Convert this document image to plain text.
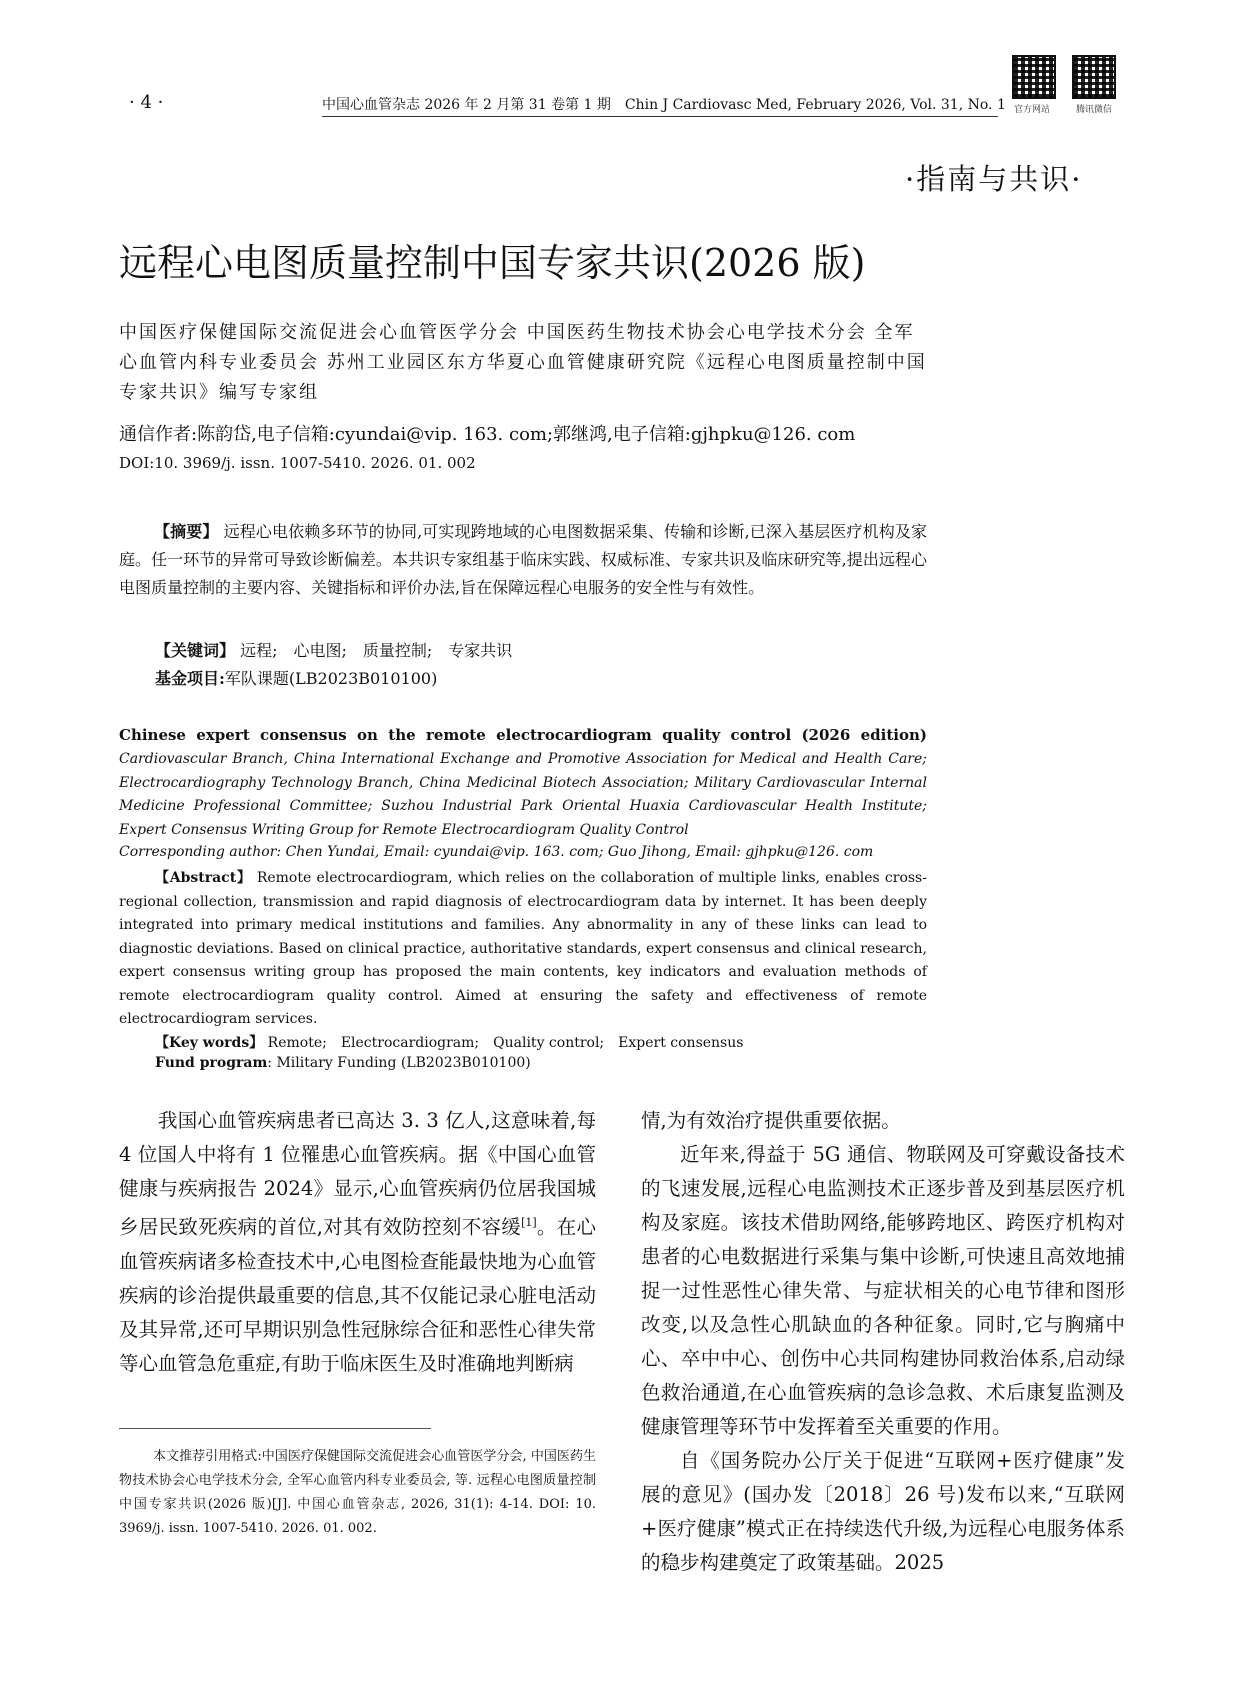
· 4 ·	中国心血管杂志 2026 年 2 月第 31 卷第 1 期　Chin J Cardiovasc Med, February 2026, Vol. 31, No. 1 官方网站	腾讯微信
·指南与共识·
远程心电图质量控制中国专家共识(2026 版)
中国医疗保健国际交流促进会心血管医学分会 中国医药生物技术协会心电学技术分会 全军心血管内科专业委员会 苏州工业园区东方华夏心血管健康研究院《远程心电图质量控制中国专家共识》编写专家组
通信作者:陈韵岱,电子信箱:cyundai@vip. 163. com;郭继鸿,电子信箱:gjhpku@126. com
DOI:10. 3969/j. issn. 1007-5410. 2026. 01. 002
【摘要】 远程心电依赖多环节的协同,可实现跨地域的心电图数据采集、传输和诊断,已深入基层医疗机构及家庭。任一环节的异常可导致诊断偏差。本共识专家组基于临床实践、权威标准、专家共识及临床研究等,提出远程心电图质量控制的主要内容、关键指标和评价办法,旨在保障远程心电服务的安全性与有效性。
【关键词】 远程;　心电图;　质量控制;　专家共识
基金项目:军队课题(LB2023B010100)
Chinese expert consensus on the remote electrocardiogram quality control (2026 edition)
Cardiovascular Branch, China International Exchange and Promotive Association for Medical and Health Care; Electrocardiography Technology Branch, China Medicinal Biotech Association; Military Cardiovascular Internal Medicine Professional Committee; Suzhou Industrial Park Oriental Huaxia Cardiovascular Health Institute; Expert Consensus Writing Group for Remote Electrocardiogram Quality Control
Corresponding author: Chen Yundai, Email: cyundai@vip. 163. com; Guo Jihong, Email: gjhpku@126. com
【Abstract】 Remote electrocardiogram, which relies on the collaboration of multiple links, enables cross-regional collection, transmission and rapid diagnosis of electrocardiogram data by internet. It has been deeply integrated into primary medical institutions and families. Any abnormality in any of these links can lead to diagnostic deviations. Based on clinical practice, authoritative standards, expert consensus and clinical research, expert consensus writing group has proposed the main contents, key indicators and evaluation methods of remote electrocardiogram quality control. Aimed at ensuring the safety and effectiveness of remote electrocardiogram services.
【Key words】 Remote;　Electrocardiogram;　Quality control;　Expert consensus
Fund program: Military Funding (LB2023B010100)

我国心血管疾病患者已高达 3. 3 亿人,这意味着,每 4 位国人中将有 1 位罹患心血管疾病。据《中国心血管健康与疾病报告 2024》显示,心血管疾病仍位居我国城乡居民致死疾病的首位,对其有效防控刻不容缓[1]。在心血管疾病诸多检查技术中,心电图检查能最快地为心血管疾病的诊治提供最重要的信息,其不仅能记录心脏电活动及其异常,还可早期识别急性冠脉综合征和恶性心律失常等心血管急危重症,有助于临床医生及时准确地判断病

情,为有效治疗提供重要依据。

近年来,得益于 5G 通信、物联网及可穿戴设备技术的飞速发展,远程心电监测技术正逐步普及到基层医疗机构及家庭。该技术借助网络,能够跨地区、跨医疗机构对患者的心电数据进行采集与集中诊断,可快速且高效地捕捉一过性恶性心律失常、与症状相关的心电节律和图形改变,以及急性心肌缺血的各种征象。同时,它与胸痛中心、卒中中心、创伤中心共同构建协同救治体系,启动绿色救治通道,在心血管疾病的急诊急救、术后康复监测及健康管理等环节中发挥着至关重要的作用。

自《国务院办公厅关于促进“互联网+医疗健康”发展的意见》(国办发〔2018〕26 号)发布以来,“互联网+医疗健康”模式正在持续迭代升级,为远程心电服务体系的稳步构建奠定了政策基础。2025

本文推荐引用格式:中国医疗保健国际交流促进会心血管医学分会, 中国医药生物技术协会心电学技术分会, 全军心血管内科专业委员会, 等. 远程心电图质量控制中国专家共识(2026 版)[J]. 中国心血管杂志, 2026, 31(1): 4-14. DOI: 10. 3969/j. issn. 1007-5410. 2026. 01. 002.
